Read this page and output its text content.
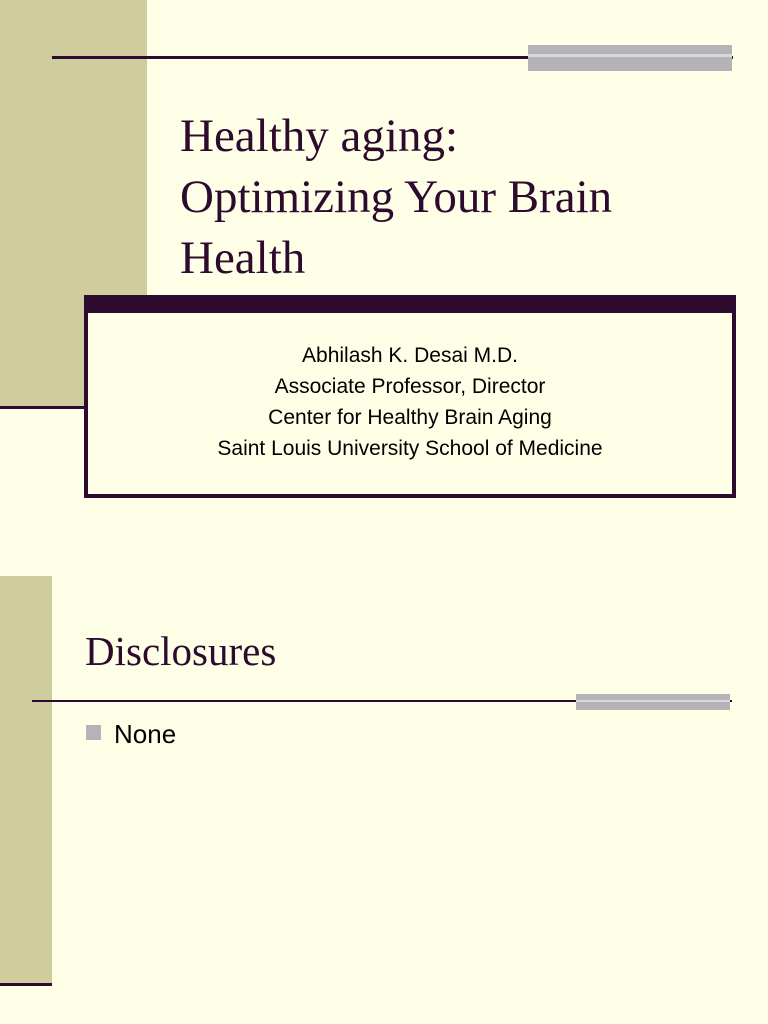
Healthy aging:
Optimizing Your Brain
Health
Abhilash K. Desai M.D.
Associate Professor, Director
Center for Healthy Brain Aging
Saint Louis University School of Medicine
Disclosures
None
